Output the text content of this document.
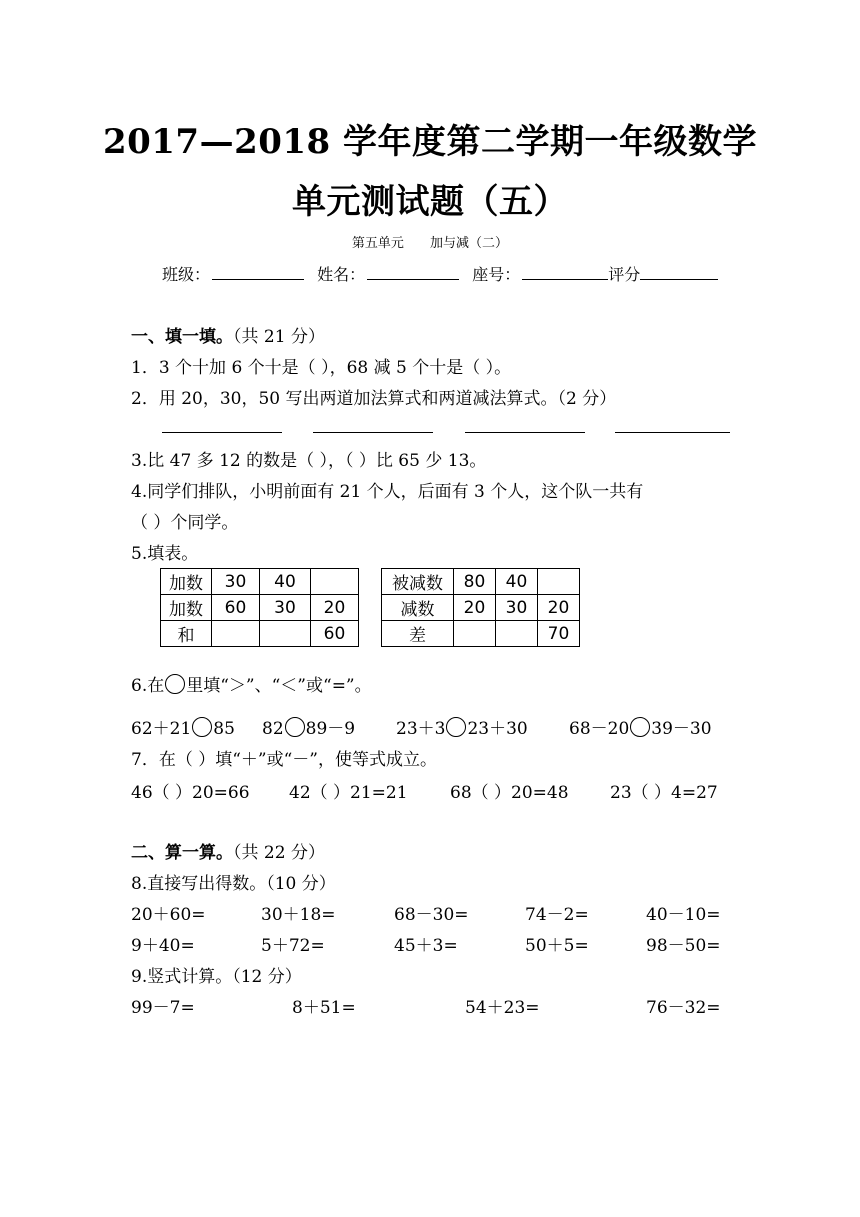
2017—2018 学年度第二学期一年级数学
单元测试题（五）
第五单元 加与减（二）
班级：	姓名：	座号：	评分
一、填一填。（共 21 分）
1．3 个十加 6 个十是（ ），68 减 5 个十是（ ）。
2．用 20，30，50 写出两道加法算式和两道减法算式。（2 分）
3.比 47 多 12 的数是（ ），（ ）比 65 少 13。
4.同学们排队，小明前面有 21 个人，后面有 3 个人，这个队一共有
（ ）个同学。
5.填表。
加数	30	40	
加数	60	30	20
和			60
被减数	80	40	
减数	20	30	20
差			70
6.在 里填“＞”、“＜”或“=”。
62＋21 85 82 89－9 23＋3 23＋30 68－20 39－30
7．在（ ）填“＋”或“－”，使等式成立。
46（ ）20=66 42（ ）21=21 68（ ）20=48 23（ ）4=27
二、算一算。（共 22 分）
8.直接写出得数。（10 分）
20＋60=	30＋18=	68－30=	74－2=	40－10=
9＋40=	5＋72=	45＋3=	50＋5=	98－50=
9.竖式计算。（12 分）
99－7=	8＋51=	54＋23=	76－32=
